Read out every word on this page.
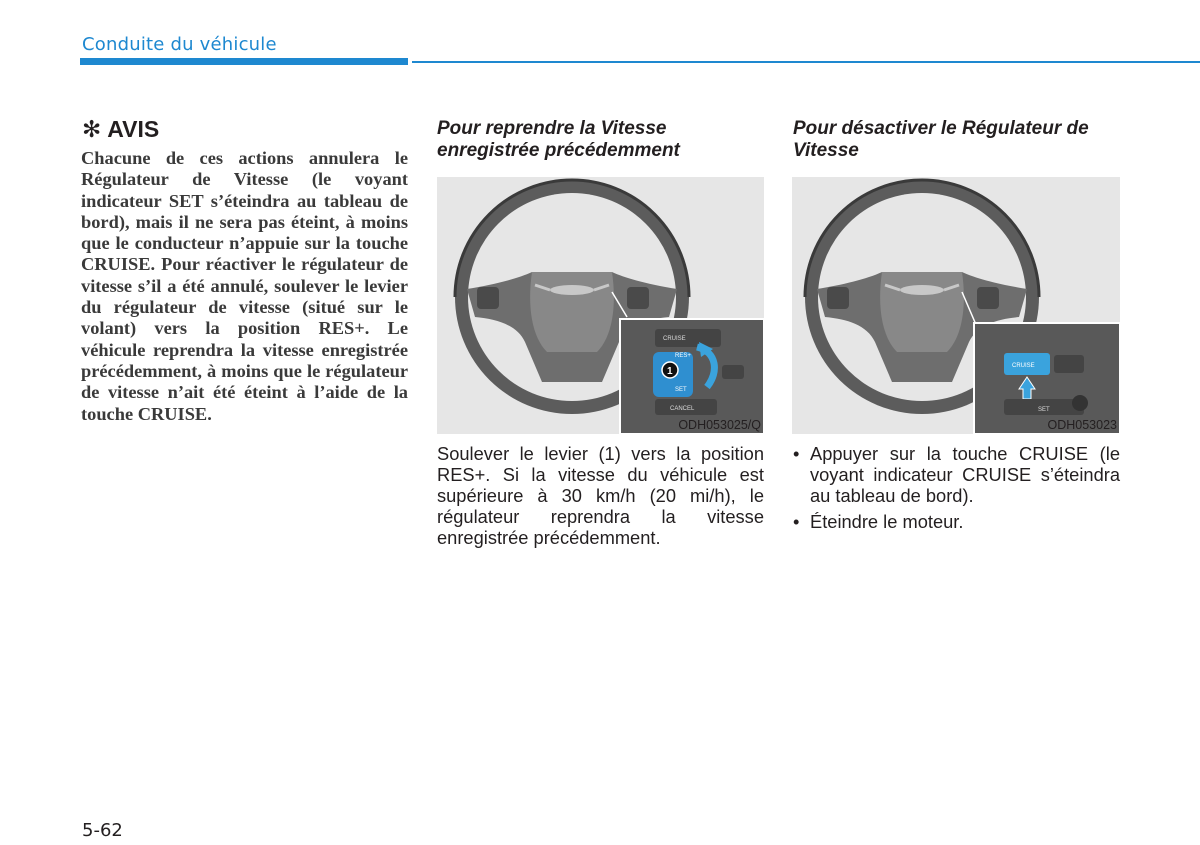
Conduite du véhicule
✻ AVIS
Chacune de ces actions annulera le Régulateur de Vitesse (le voyant indicateur SET s’éteindra au tableau de bord), mais il ne sera pas éteint, à moins que le conducteur n’appuie sur la touche CRUISE. Pour réactiver le régulateur de vitesse s’il a été annulé, soulever le levier du régulateur de vitesse (situé sur le volant) vers la position RES+. Le véhicule reprendra la vitesse enregistrée précédemment, à moins que le régulateur de vitesse n’ait été éteint à l’aide de la touche CRUISE.
Pour reprendre la Vitesse enregistrée précédemment
Pour désactiver le Régulateur de Vitesse
CRUISE
RES+
SET
CANCEL
1
ODH053025/Q
CRUISE
SET
ODH053023
Soulever le levier (1) vers la position RES+. Si la vitesse du véhicule est supérieure à 30 km/h (20 mi/h), le régulateur reprendra la vitesse enregistrée précédemment.
• Appuyer sur la touche CRUISE (le voyant indicateur CRUISE s’éteindra au tableau de bord).
• Éteindre le moteur.
5-62
